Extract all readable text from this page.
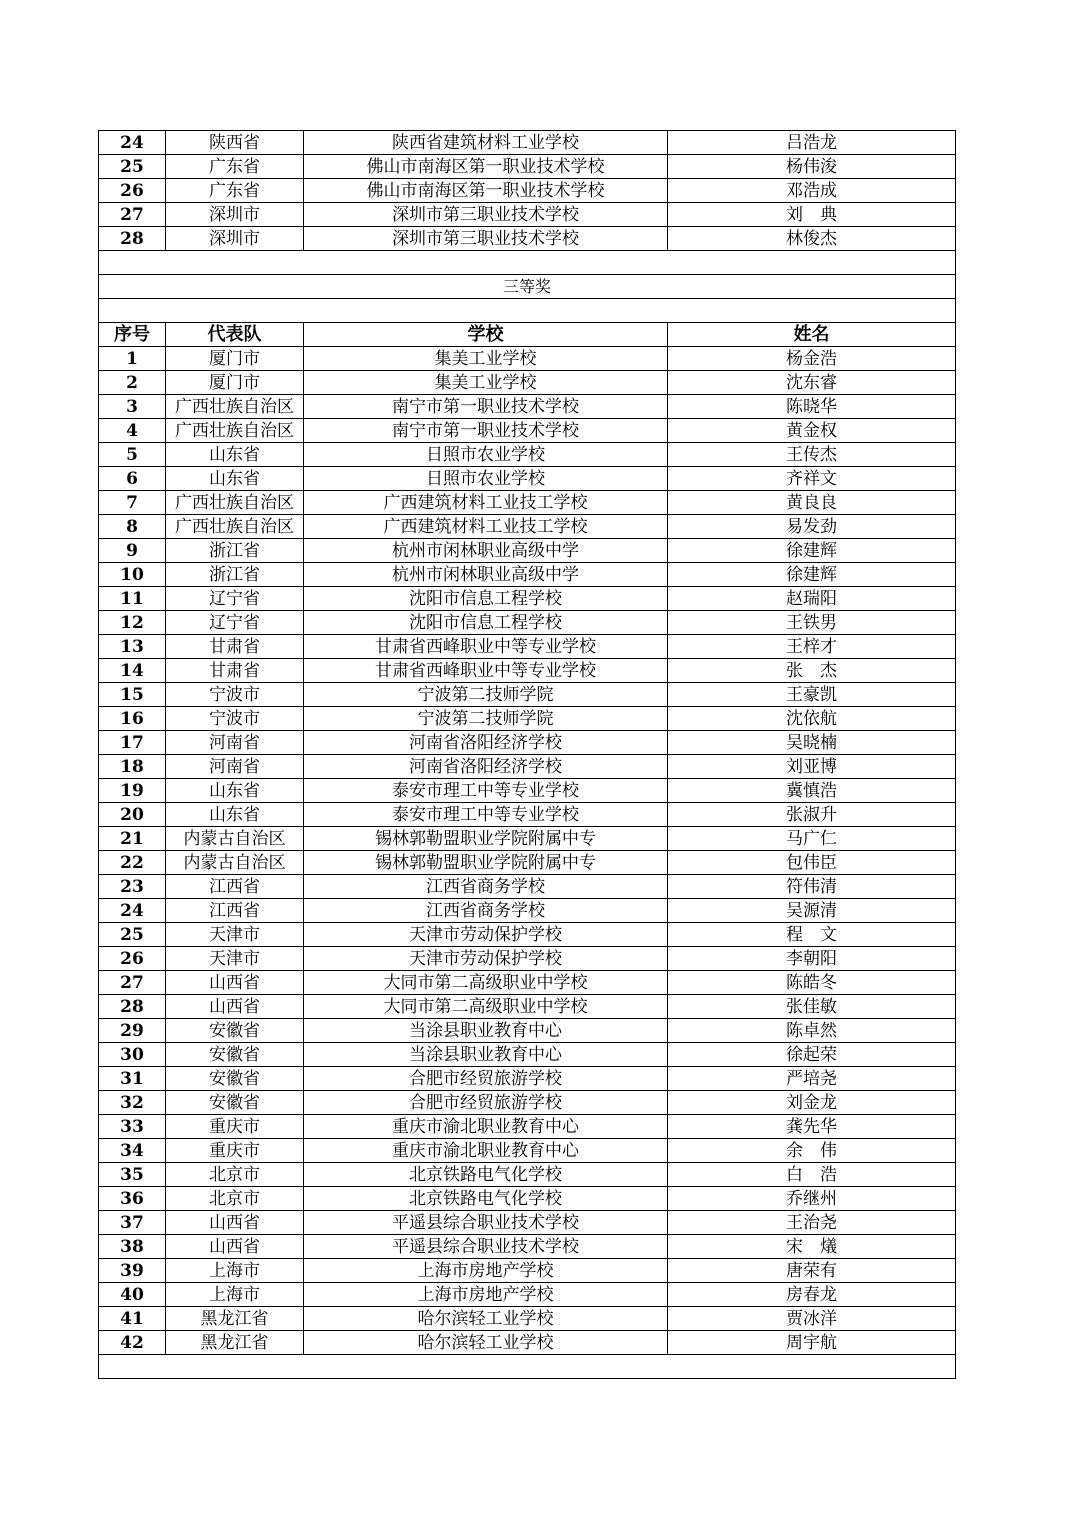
24	陕西省	陕西省建筑材料工业学校	吕浩龙
25	广东省	佛山市南海区第一职业技术学校	杨伟浚
26	广东省	佛山市南海区第一职业技术学校	邓浩成
27	深圳市	深圳市第三职业技术学校	刘　典
28	深圳市	深圳市第三职业技术学校	林俊杰

三等奖			

序号	代表队	学校	姓名
1	厦门市	集美工业学校	杨金浩
2	厦门市	集美工业学校	沈东睿
3	广西壮族自治区	南宁市第一职业技术学校	陈晓华
4	广西壮族自治区	南宁市第一职业技术学校	黄金权
5	山东省	日照市农业学校	王传杰
6	山东省	日照市农业学校	齐祥文
7	广西壮族自治区	广西建筑材料工业技工学校	黄良良
8	广西壮族自治区	广西建筑材料工业技工学校	易发劲
9	浙江省	杭州市闲林职业高级中学	徐建辉
10	浙江省	杭州市闲林职业高级中学	徐建辉
11	辽宁省	沈阳市信息工程学校	赵瑞阳
12	辽宁省	沈阳市信息工程学校	王铁男
13	甘肃省	甘肃省西峰职业中等专业学校	王梓才
14	甘肃省	甘肃省西峰职业中等专业学校	张　杰
15	宁波市	宁波第二技师学院	王豪凯
16	宁波市	宁波第二技师学院	沈依航
17	河南省	河南省洛阳经济学校	吴晓楠
18	河南省	河南省洛阳经济学校	刘亚博
19	山东省	泰安市理工中等专业学校	冀慎浩
20	山东省	泰安市理工中等专业学校	张淑升
21	内蒙古自治区	锡林郭勒盟职业学院附属中专	马广仁
22	内蒙古自治区	锡林郭勒盟职业学院附属中专	包伟臣
23	江西省	江西省商务学校	符伟清
24	江西省	江西省商务学校	吴源清
25	天津市	天津市劳动保护学校	程　文
26	天津市	天津市劳动保护学校	李朝阳
27	山西省	大同市第二高级职业中学校	陈皓冬
28	山西省	大同市第二高级职业中学校	张佳敏
29	安徽省	当涂县职业教育中心	陈卓然
30	安徽省	当涂县职业教育中心	徐起荣
31	安徽省	合肥市经贸旅游学校	严培尧
32	安徽省	合肥市经贸旅游学校	刘金龙
33	重庆市	重庆市渝北职业教育中心	龚先华
34	重庆市	重庆市渝北职业教育中心	余　伟
35	北京市	北京铁路电气化学校	白　浩
36	北京市	北京铁路电气化学校	乔继州
37	山西省	平遥县综合职业技术学校	王治尧
38	山西省	平遥县综合职业技术学校	宋　燨
39	上海市	上海市房地产学校	唐荣有
40	上海市	上海市房地产学校	房春龙
41	黑龙江省	哈尔滨轻工业学校	贾冰洋
42	黑龙江省	哈尔滨轻工业学校	周宇航
